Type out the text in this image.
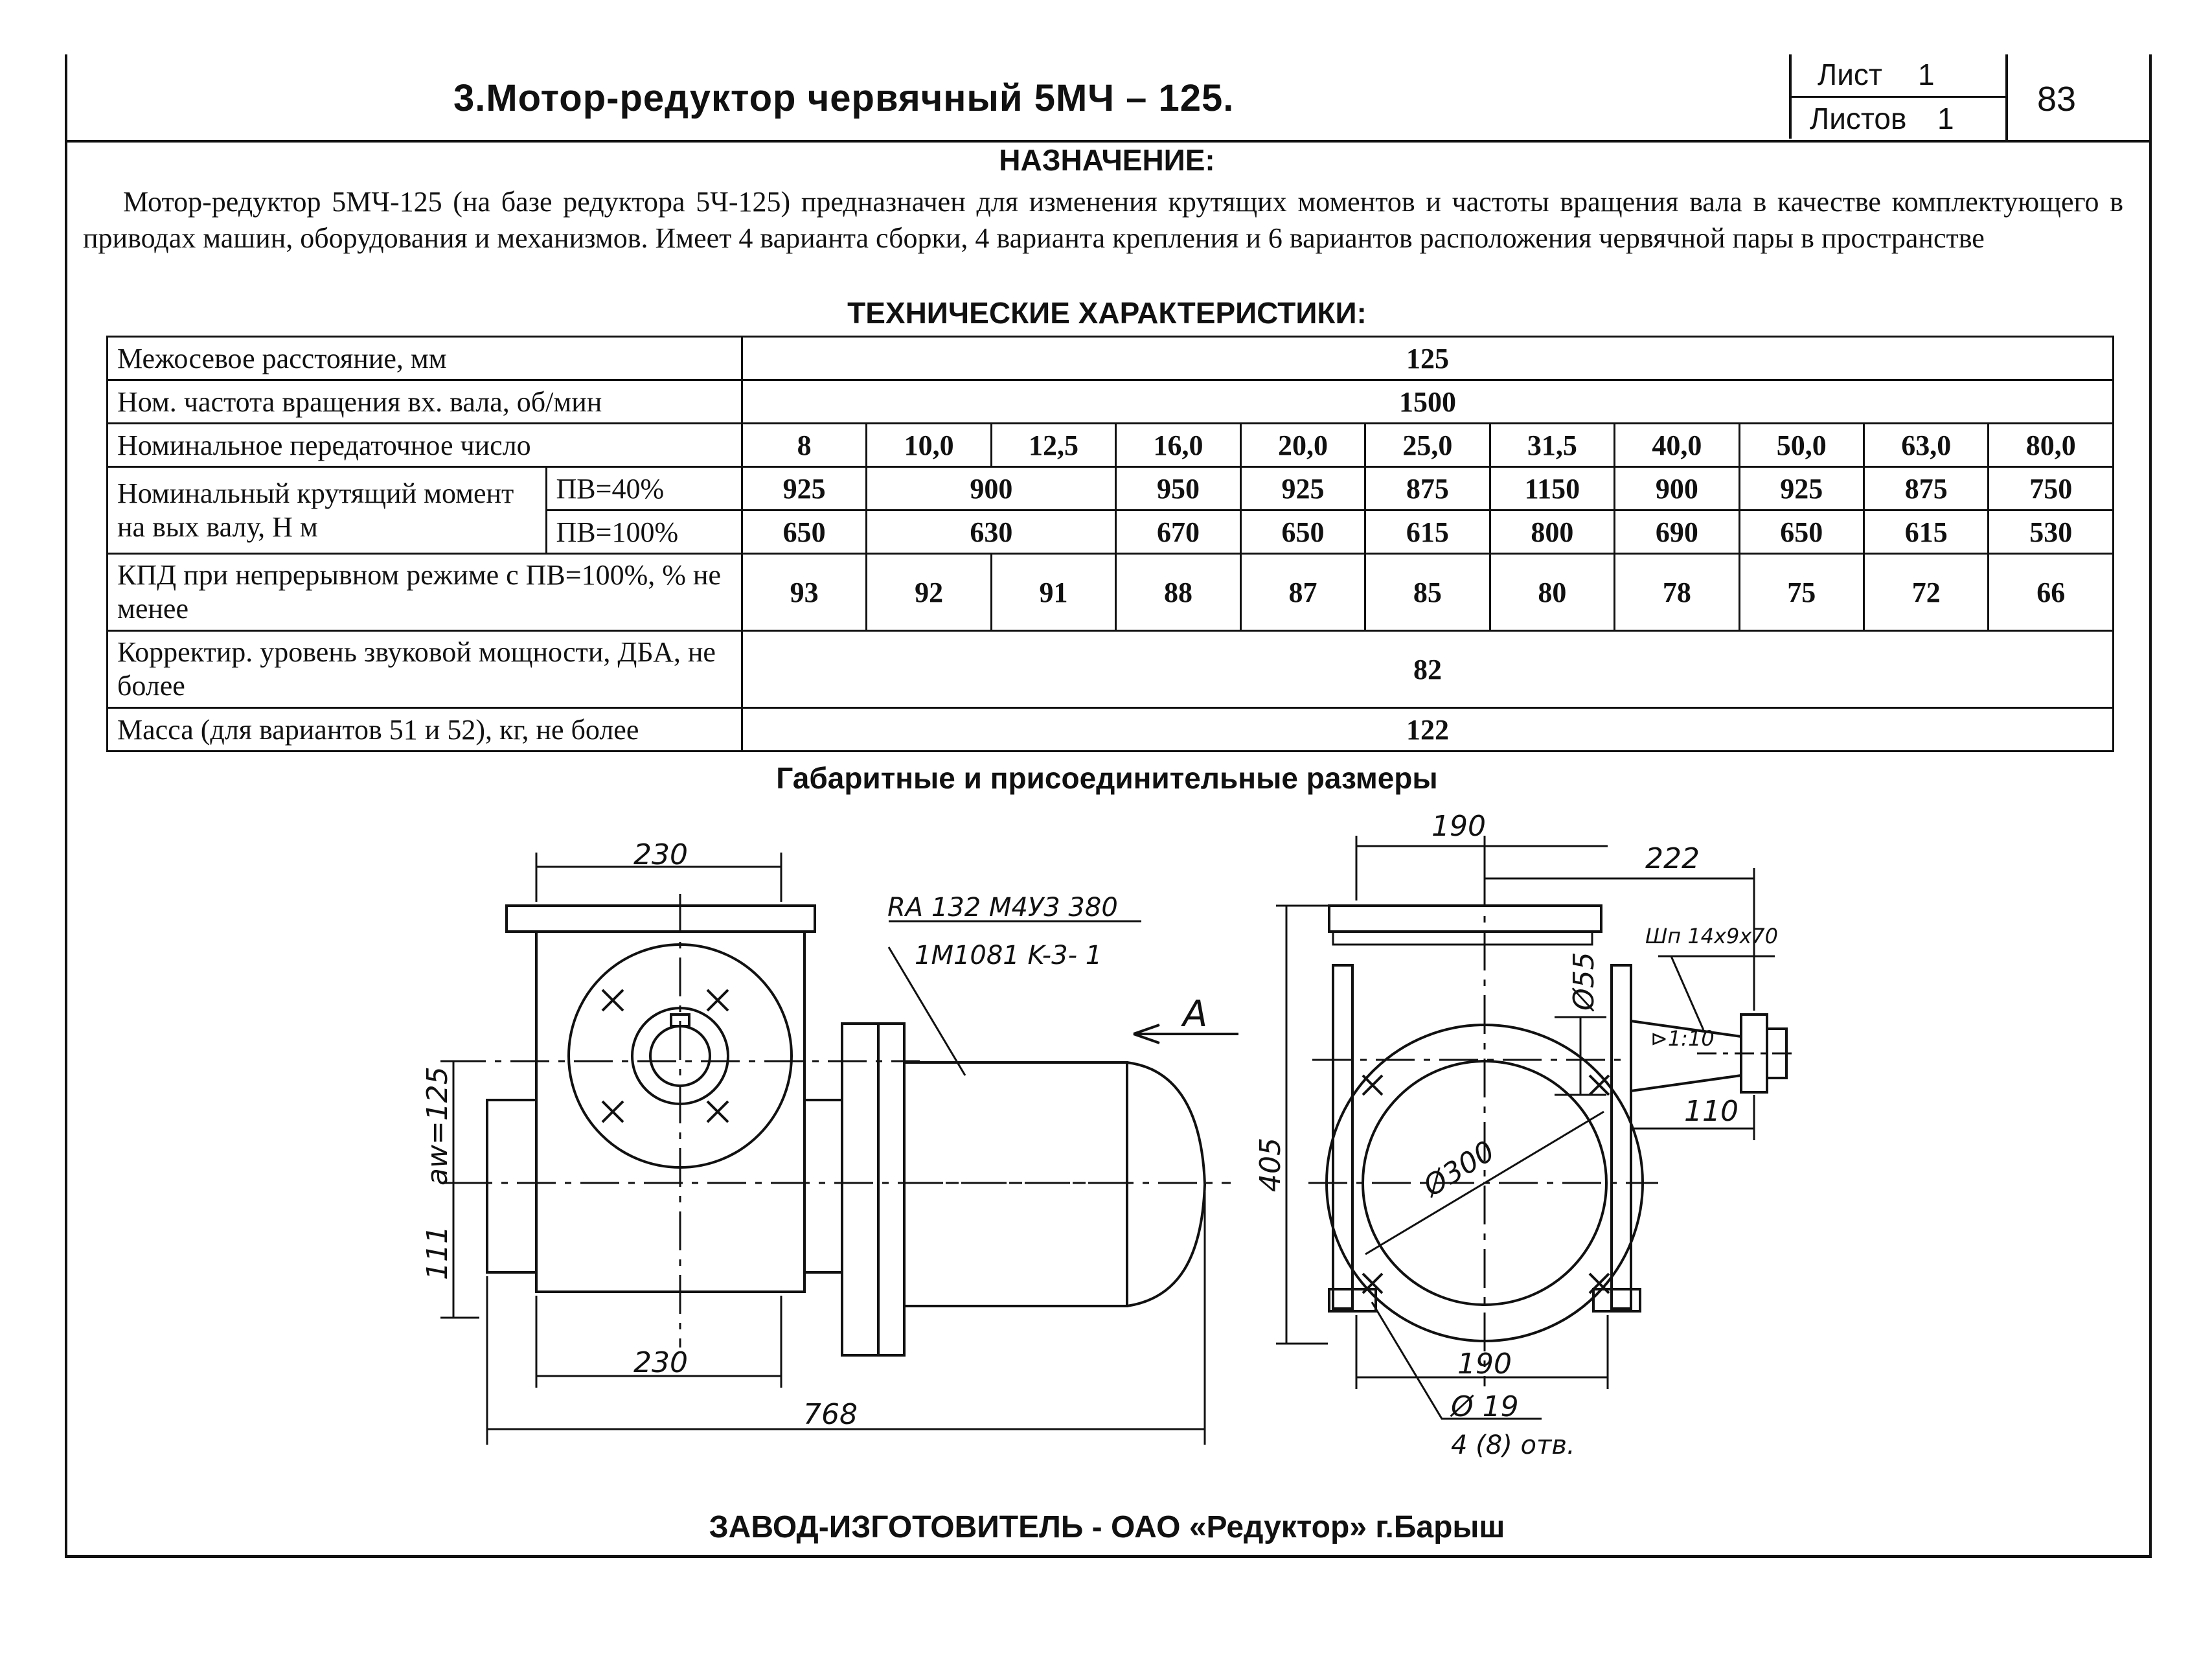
3.Мотор-редуктор червячный 5МЧ – 125.
Лист 1
Листов 1 83
НАЗНАЧЕНИЕ:
Мотор-редуктор 5МЧ-125 (на базе редуктора 5Ч-125) предназначен для изменения крутящих моментов и частоты вращения вала в качестве комплектующего в приводах машин, оборудования и механизмов. Имеет 4 варианта сборки, 4 варианта крепления и 6 вариантов расположения червячной пары в пространстве
ТЕХНИЧЕСКИЕ ХАРАКТЕРИСТИКИ:
Межосевое расстояние, мм		125										
Ном. частота вращения вх. вала, об/мин		1500										
Номинальное передаточное число		8	10,0	12,5	16,0	20,0	25,0	31,5	40,0	50,0	63,0	80,0
Номинальный крутящий момент на вых валу, Н м	ПВ=40%	925	900		950	925	875	1150	900	925	875	750
	ПВ=100%	650	630		670	650	615	800	690	650	615	530
КПД при непрерывном режиме с ПВ=100%, % не менее		93	92	91	88	87	85	80	78	75	72	66
Корректир. уровень звуковой мощности, ДБА, не более		82										
Масса (для вариантов 51 и 52), кг, не более		122										
Габаритные и присоединительные размеры
230
230
768
aw=125
111
RA 132 M4У3 380
1M1081 K-3- 1
А
190
222
Шп 14x9x70
Ø55
⊳1:10
110
405	Ø300
190
Ø 19
4 (8) отв.
ЗАВОД-ИЗГОТОВИТЕЛЬ - ОАО «Редуктор» г.Барыш
